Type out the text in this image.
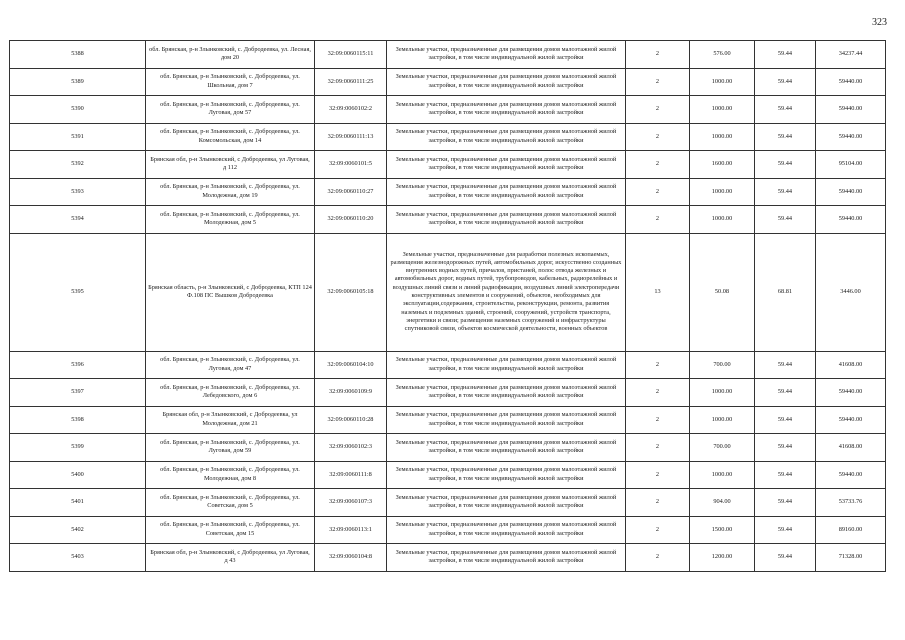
323
5388	обл. Брянская, р-н Злынковский, с. Добродеевка, ул. Лесная, дом 20	32:09:0060115:11	Земельные участки, предназначенные для размещения домов малоэтажной жилой застройки, в том числе индивидуальной жилой застройки	2	576.00	59.44	34237.44
5389	обл. Брянская, р-н Злынковский, с. Добродеевка, ул. Школьная, дом 7	32:09:0060111:25	Земельные участки, предназначенные для размещения домов малоэтажной жилой застройки, в том числе индивидуальной жилой застройки	2	1000.00	59.44	59440.00
5390	обл. Брянская, р-н Злынковский, с. Добродеевка, ул. Луговая, дом 57	32:09:0060102:2	Земельные участки, предназначенные для размещения домов малоэтажной жилой застройки, в том числе индивидуальной жилой застройки	2	1000.00	59.44	59440.00
5391	обл. Брянская, р-н Злынковский, с. Добродеевка, ул. Комсомольская, дом 14	32:09:0060111:13	Земельные участки, предназначенные для размещения домов малоэтажной жилой застройки, в том числе индивидуальной жилой застройки	2	1000.00	59.44	59440.00
5392	Брянская обл, р-н Злынковский, с Добродеевка, ул Луговая, д 112	32:09:0060101:5	Земельные участки, предназначенные для размещения домов малоэтажной жилой застройки, в том числе индивидуальной жилой застройки	2	1600.00	59.44	95104.00
5393	обл. Брянская, р-н Злынковский, с. Добродеевка, ул. Молодежная, дом 19	32:09:0060110:27	Земельные участки, предназначенные для размещения домов малоэтажной жилой застройки, в том числе индивидуальной жилой застройки	2	1000.00	59.44	59440.00
5394	обл. Брянская, р-н Злынковский, с. Добродеевка, ул. Молодежная, дом 5	32:09:0060110:20	Земельные участки, предназначенные для размещения домов малоэтажной жилой застройки, в том числе индивидуальной жилой застройки	2	1000.00	59.44	59440.00
5395	Брянская область, р-н Злынковский, с Добродеевка, КТП 124 Ф.108 ПС Вышков Добродеевка	32:09:0060105:18	Земельные участки, предназначенные для разработки полезных ископаемых, размещения железнодорожных путей, автомобильных дорог, искусственно созданных внутренних водных путей, причалов, пристаней, полос отвода железных и автомобильных дорог, водных путей, трубопроводов, кабельных, радиорелейных и воздушных линий связи и линий радиофикации, воздушных линий электропередачи конструктивных элементов и сооружений, объектов, необходимых для эксплуатации,содержания, строительства, реконструкции, ремонта, развития наземных и подземных зданий, строений, сооружений, устройств транспорта, энергетики и связи; размещения наземных сооружений и инфраструктуры спутниковой связи, объектов космической деятельности, военных объектов	13	50.08	68.81	3446.00
5396	обл. Брянская, р-н Злынковский, с. Добродеевка, ул. Луговая, дом 47	32:09:0060104:10	Земельные участки, предназначенные для размещения домов малоэтажной жилой застройки, в том числе индивидуальной жилой застройки	2	700.00	59.44	41608.00
5397	обл. Брянская, р-н Злынковский, с. Добродеевка, ул. Лебедовского, дом 6	32:09:0060109:9	Земельные участки, предназначенные для размещения домов малоэтажной жилой застройки, в том числе индивидуальной жилой застройки	2	1000.00	59.44	59440.00
5398	Брянская обл, р-н Злынковский, с Добродеевка, ул Молодежная, дом 21	32:09:0060110:28	Земельные участки, предназначенные для размещения домов малоэтажной жилой застройки, в том числе индивидуальной жилой застройки	2	1000.00	59.44	59440.00
5399	обл. Брянская, р-н Злынковский, с. Добродеевка, ул. Луговая, дом 59	32:09:0060102:3	Земельные участки, предназначенные для размещения домов малоэтажной жилой застройки, в том числе индивидуальной жилой застройки	2	700.00	59.44	41608.00
5400	обл. Брянская, р-н Злынковский, с. Добродеевка, ул. Молодежная, дом 8	32:09:0060111:8	Земельные участки, предназначенные для размещения домов малоэтажной жилой застройки, в том числе индивидуальной жилой застройки	2	1000.00	59.44	59440.00
5401	обл. Брянская, р-н Злынковский, с. Добродеевка, ул. Советская, дом 5	32:09:0060107:3	Земельные участки, предназначенные для размещения домов малоэтажной жилой застройки, в том числе индивидуальной жилой застройки	2	904.00	59.44	53733.76
5402	обл. Брянская, р-н Злынковский, с. Добродеевка, ул. Советская, дом 15	32:09:0060113:1	Земельные участки, предназначенные для размещения домов малоэтажной жилой застройки, в том числе индивидуальной жилой застройки	2	1500.00	59.44	89160.00
5403	Брянская обл, р-н Злынковский, с Добродеевка, ул Луговая, д 43	32:09:0060104:8	Земельные участки, предназначенные для размещения домов малоэтажной жилой застройки, в том числе индивидуальной жилой застройки	2	1200.00	59.44	71328.00
